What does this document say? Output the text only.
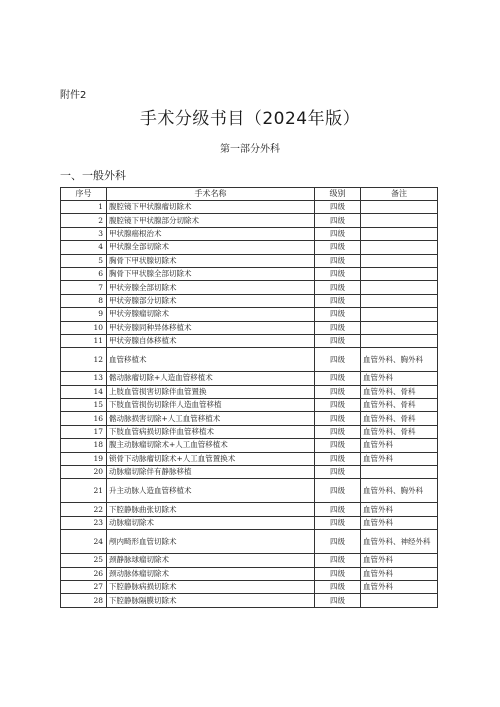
附件2
手术分级书目（2024年版）
第一部分外科
一、一般外科
序号	手术名称	级别	备注
1	腹腔镜下甲状腺瘤切除术	四级	
2	腹腔镜下甲状腺部分切除术	四级	
3	甲状腺癌根治术	四级	
4	甲状腺全部切除术	四级	
5	胸骨下甲状腺切除术	四级	
6	胸骨下甲状腺全部切除术	四级	
7	甲状旁腺全部切除术	四级	
8	甲状旁腺部分切除术	四级	
9	甲状旁腺瘤切除术	四级	
10	甲状旁腺同种异体移植术	四级	
11	甲状旁腺自体移植术	四级	
12	血管移植术	四级	血管外科、胸外科
13	髂动脉瘤切除+人造血管移植术	四级	血管外科
14	上肢血管损害切除伴血管置换	四级	血管外科、骨科
15	下肢血管损伤切除伴人造血管移植	四级	血管外科、骨科
16	髂动脉损害切除+人工血管移植术	四级	血管外科、骨科
17	下肢血管病损切除伴血管移植术	四级	血管外科、骨科
18	腹主动脉瘤切除术+人工血管移植术	四级	血管外科
19	锁骨下动脉瘤切除术+人工血管置换术	四级	血管外科
20	动脉瘤切除伴有静脉移植	四级	
21	升主动脉人造血管移植术	四级	血管外科、胸外科
22	下腔静脉曲张切除术	四级	血管外科
23	动脉瘤切除术	四级	血管外科
24	颅内畸形血管切除术	四级	血管外科、神经外科
25	颈静脉球瘤切除术	四级	血管外科
26	颈动脉体瘤切除术	四级	血管外科
27	下腔静脉病损切除术	四级	血管外科
28	下腔静脉隔膜切除术	四级	
